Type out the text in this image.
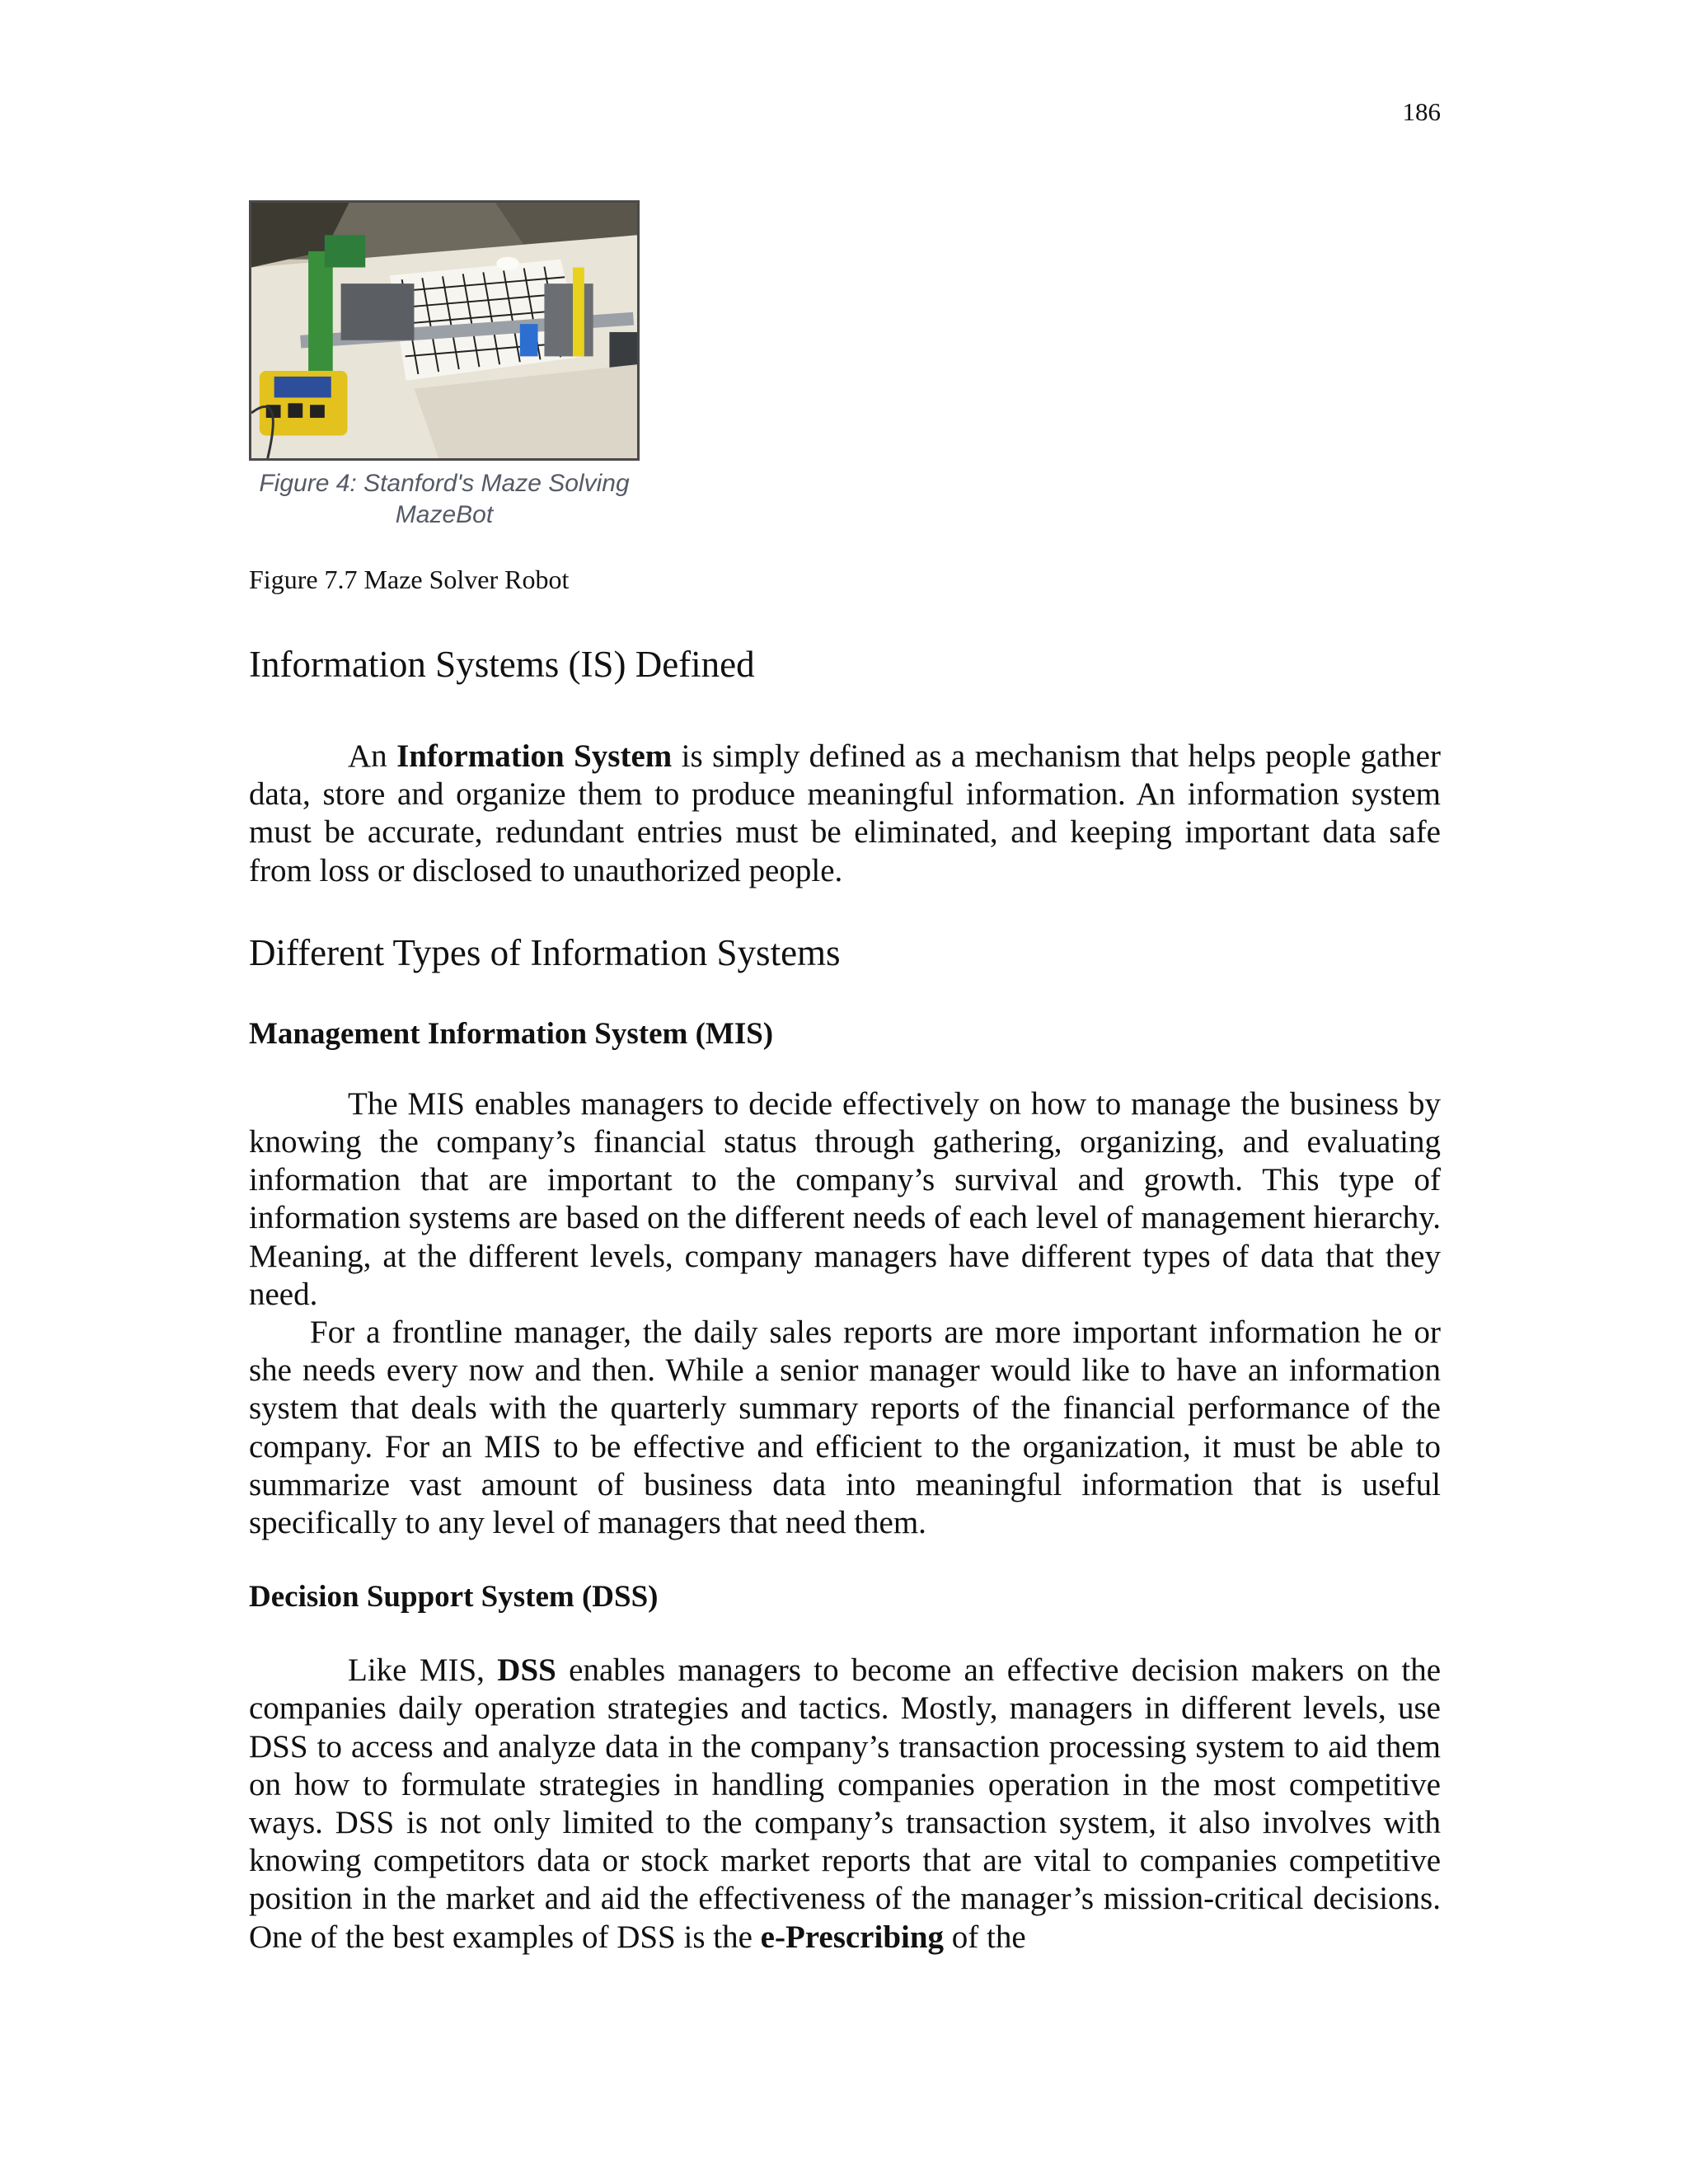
186
Figure 4: Stanford's Maze Solving
MazeBot
Figure 7.7 Maze Solver Robot
Information Systems (IS) Defined

An Information System is simply defined as a mechanism that helps people gather data, store and organize them to produce meaningful information. An information system must be accurate, redundant entries must be eliminated, and keeping important data safe from loss or disclosed to unauthorized people.

Different Types of Information Systems
Management Information System (MIS)

The MIS enables managers to decide effectively on how to manage the business by knowing the company’s financial status through gathering, organizing, and evaluating information that are important to the company’s survival and growth. This type of information systems are based on the different needs of each level of management hierarchy. Meaning, at the different levels, company managers have different types of data that they need.

For a frontline manager, the daily sales reports are more important information he or she needs every now and then. While a senior manager would like to have an information system that deals with the quarterly summary reports of the financial performance of the company. For an MIS to be effective and efficient to the organization, it must be able to summarize vast amount of business data into meaningful information that is useful specifically to any level of managers that need them.

Decision Support System (DSS)

Like MIS, DSS enables managers to become an effective decision makers on the companies daily operation strategies and tactics. Mostly, managers in different levels, use DSS to access and analyze data in the company’s transaction processing system to aid them on how to formulate strategies in handling companies operation in the most competitive ways. DSS is not only limited to the company’s transaction system, it also involves with knowing competitors data or stock market reports that are vital to companies competitive position in the market and aid the effectiveness of the manager’s mission-critical decisions. One of the best examples of DSS is the e-Prescribing of the
